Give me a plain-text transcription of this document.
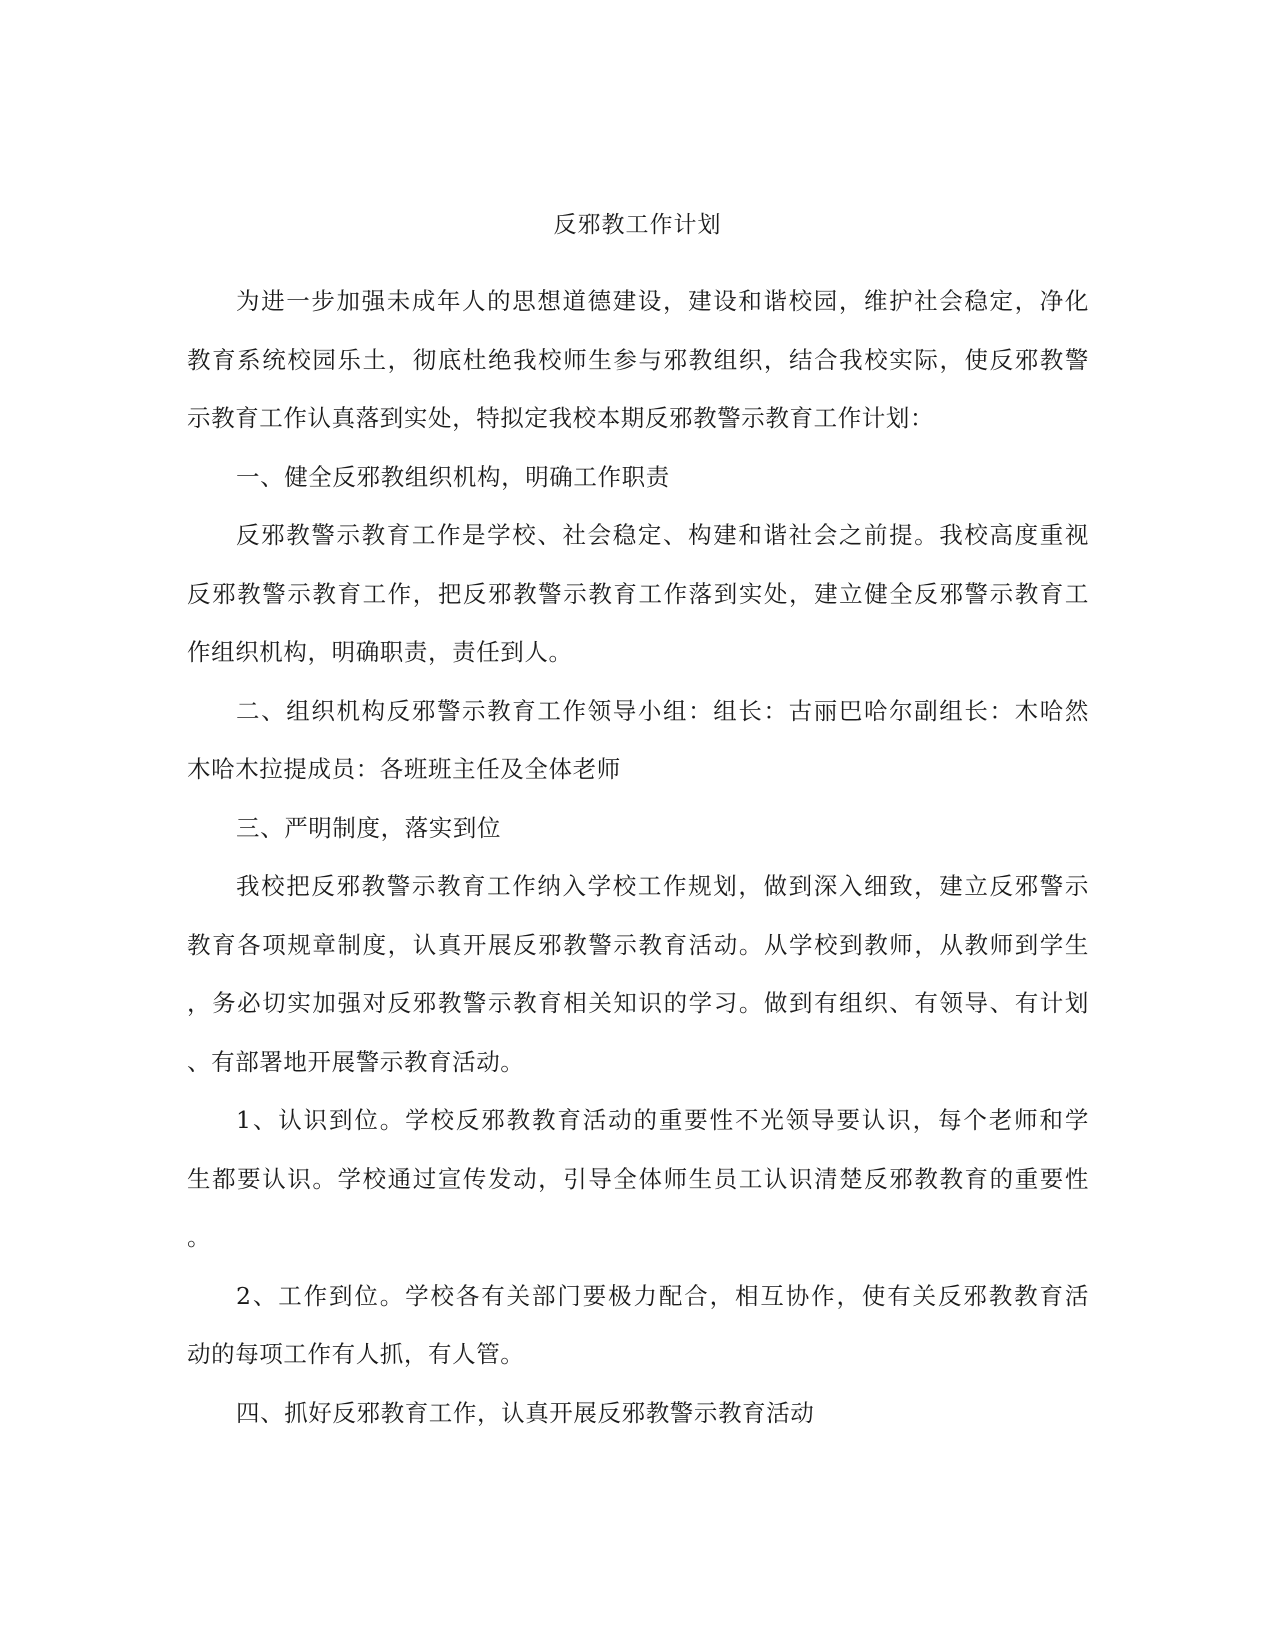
反邪教工作计划
为进一步加强未成年人的思想道德建设，建设和谐校园，维护社会稳定，净化
教育系统校园乐土，彻底杜绝我校师生参与邪教组织，结合我校实际，使反邪教警
示教育工作认真落到实处，特拟定我校本期反邪教警示教育工作计划：
一、健全反邪教组织机构，明确工作职责
反邪教警示教育工作是学校、社会稳定、构建和谐社会之前提。我校高度重视
反邪教警示教育工作，把反邪教警示教育工作落到实处，建立健全反邪警示教育工
作组织机构，明确职责，责任到人。
二、组织机构反邪警示教育工作领导小组：组长：古丽巴哈尔副组长：木哈然
木哈木拉提成员：各班班主任及全体老师
三、严明制度，落实到位
我校把反邪教警示教育工作纳入学校工作规划，做到深入细致，建立反邪警示
教育各项规章制度，认真开展反邪教警示教育活动。从学校到教师，从教师到学生
，务必切实加强对反邪教警示教育相关知识的学习。做到有组织、有领导、有计划
、有部署地开展警示教育活动。
1、认识到位。学校反邪教教育活动的重要性不光领导要认识，每个老师和学
生都要认识。学校通过宣传发动，引导全体师生员工认识清楚反邪教教育的重要性
。
2、工作到位。学校各有关部门要极力配合，相互协作，使有关反邪教教育活
动的每项工作有人抓，有人管。
四、抓好反邪教育工作，认真开展反邪教警示教育活动
